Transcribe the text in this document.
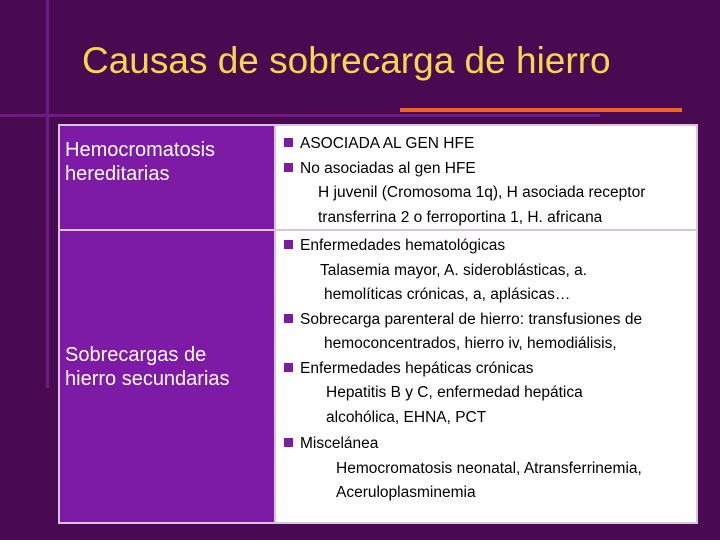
Causas de sobrecarga de hierro
Hemocromatosis
hereditarias
ASOCIADA AL GEN HFE
No asociadas al gen HFE
H juvenil (Cromosoma 1q), H asociada receptor
transferrina 2 o ferroportina 1, H. africana
Sobrecargas de
hierro secundarias
Enfermedades hematológicas
Talasemia mayor, A. sideroblásticas, a.
hemolíticas crónicas, a, aplásicas…
Sobrecarga parenteral de hierro: transfusiones de
hemoconcentrados, hierro iv, hemodiálisis,
Enfermedades hepáticas crónicas
Hepatitis B y C, enfermedad hepática
alcohólica, EHNA, PCT
Miscelánea
Hemocromatosis neonatal, Atransferrinemia,
Aceruloplasminemia
